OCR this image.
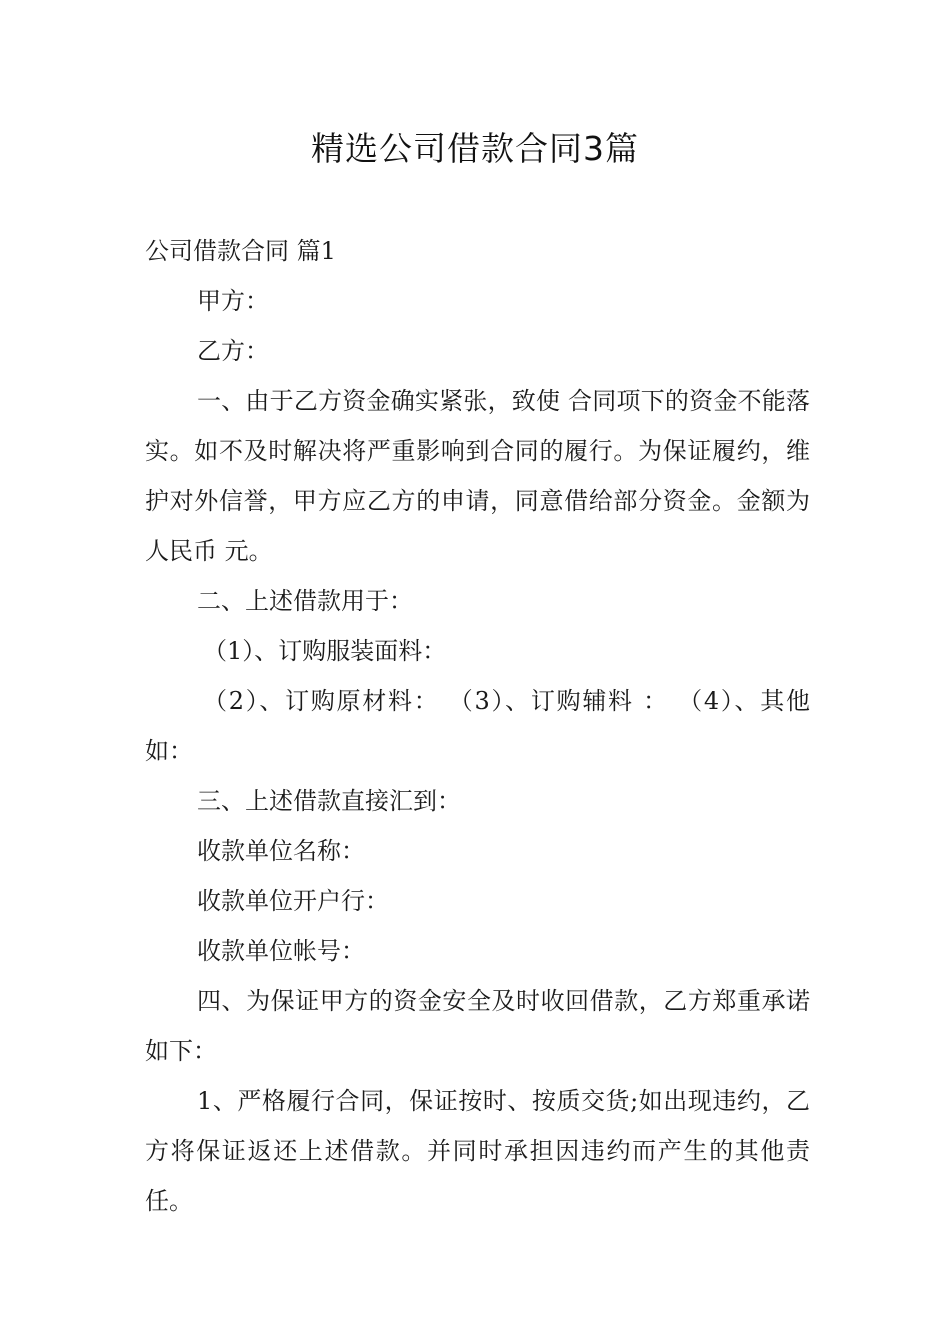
精选公司借款合同3篇

公司借款合同 篇1

甲方：

乙方：

一、由于乙方资金确实紧张，致使 合同项下的资金不能落实。如不及时解决将严重影响到合同的履行。为保证履约，维护对外信誉，甲方应乙方的申请，同意借给部分资金。金额为人民币 元。

二、上述借款用于：

（1）、订购服装面料：

（2）、订购原材料： （3）、订购辅料 ： （4）、其他如：

三、上述借款直接汇到：

收款单位名称：

收款单位开户行：

收款单位帐号：

四、为保证甲方的资金安全及时收回借款，乙方郑重承诺如下：

1、严格履行合同，保证按时、按质交货;如出现违约，乙方将保证返还上述借款。并同时承担因违约而产生的其他责任。
